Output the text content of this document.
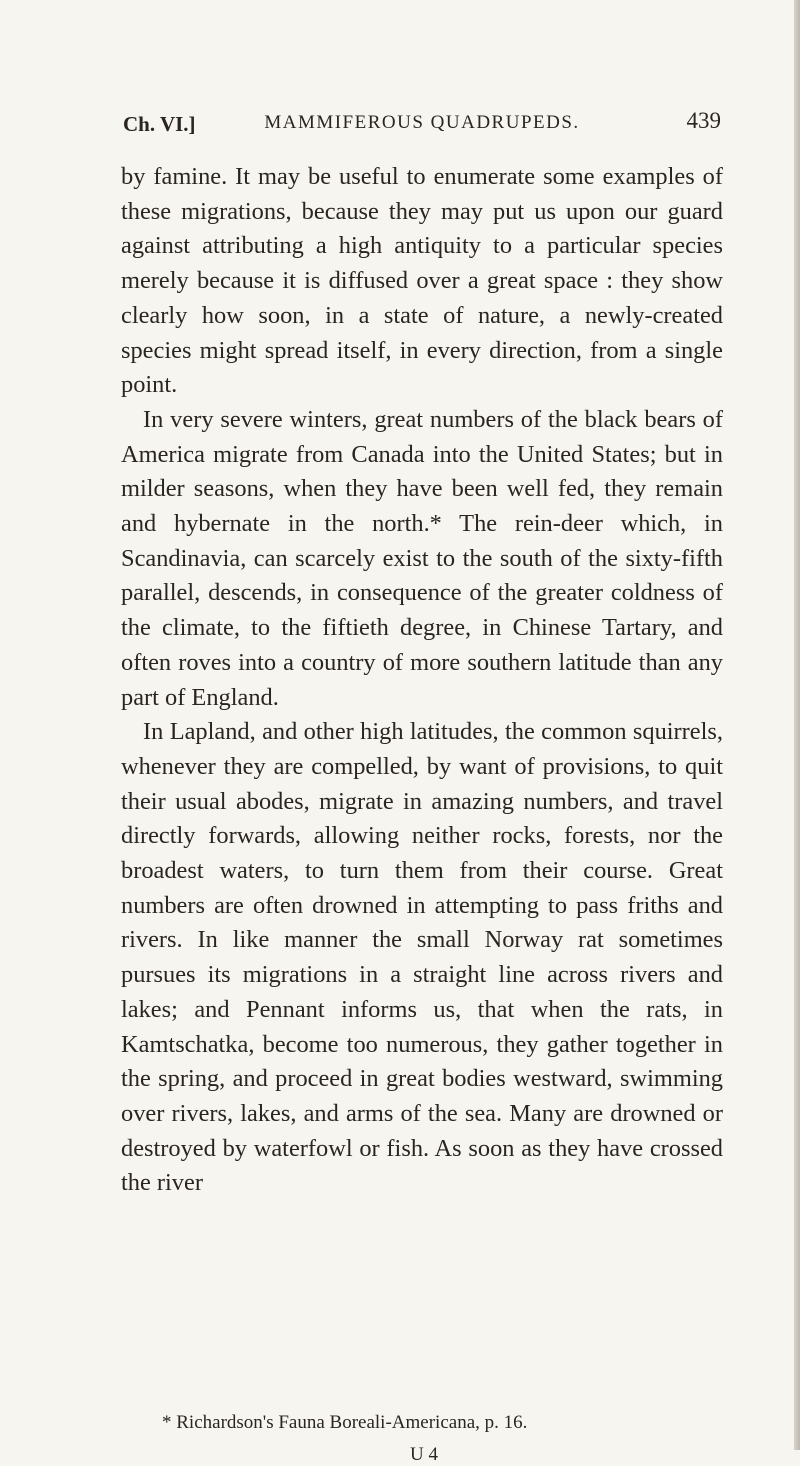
Ch. VI.]	MAMMIFEROUS QUADRUPEDS.	439

by famine. It may be useful to enumerate some examples of these migrations, because they may put us upon our guard against attributing a high antiquity to a particular species merely because it is diffused over a great space : they show clearly how soon, in a state of nature, a newly-created species might spread itself, in every direction, from a single point.

In very severe winters, great numbers of the black bears of America migrate from Canada into the United States; but in milder seasons, when they have been well fed, they remain and hybernate in the north.* The rein-deer which, in Scandinavia, can scarcely exist to the south of the sixty-fifth parallel, descends, in consequence of the greater coldness of the climate, to the fiftieth degree, in Chinese Tartary, and often roves into a country of more southern latitude than any part of England.

In Lapland, and other high latitudes, the common squirrels, whenever they are compelled, by want of provisions, to quit their usual abodes, migrate in amazing numbers, and travel directly forwards, allowing neither rocks, forests, nor the broadest waters, to turn them from their course. Great numbers are often drowned in attempting to pass friths and rivers. In like manner the small Norway rat sometimes pursues its migrations in a straight line across rivers and lakes; and Pennant informs us, that when the rats, in Kamtschatka, become too numerous, they gather together in the spring, and proceed in great bodies westward, swimming over rivers, lakes, and arms of the sea. Many are drowned or destroyed by waterfowl or fish. As soon as they have crossed the river

* Richardson's Fauna Boreali-Americana, p. 16.
U 4
